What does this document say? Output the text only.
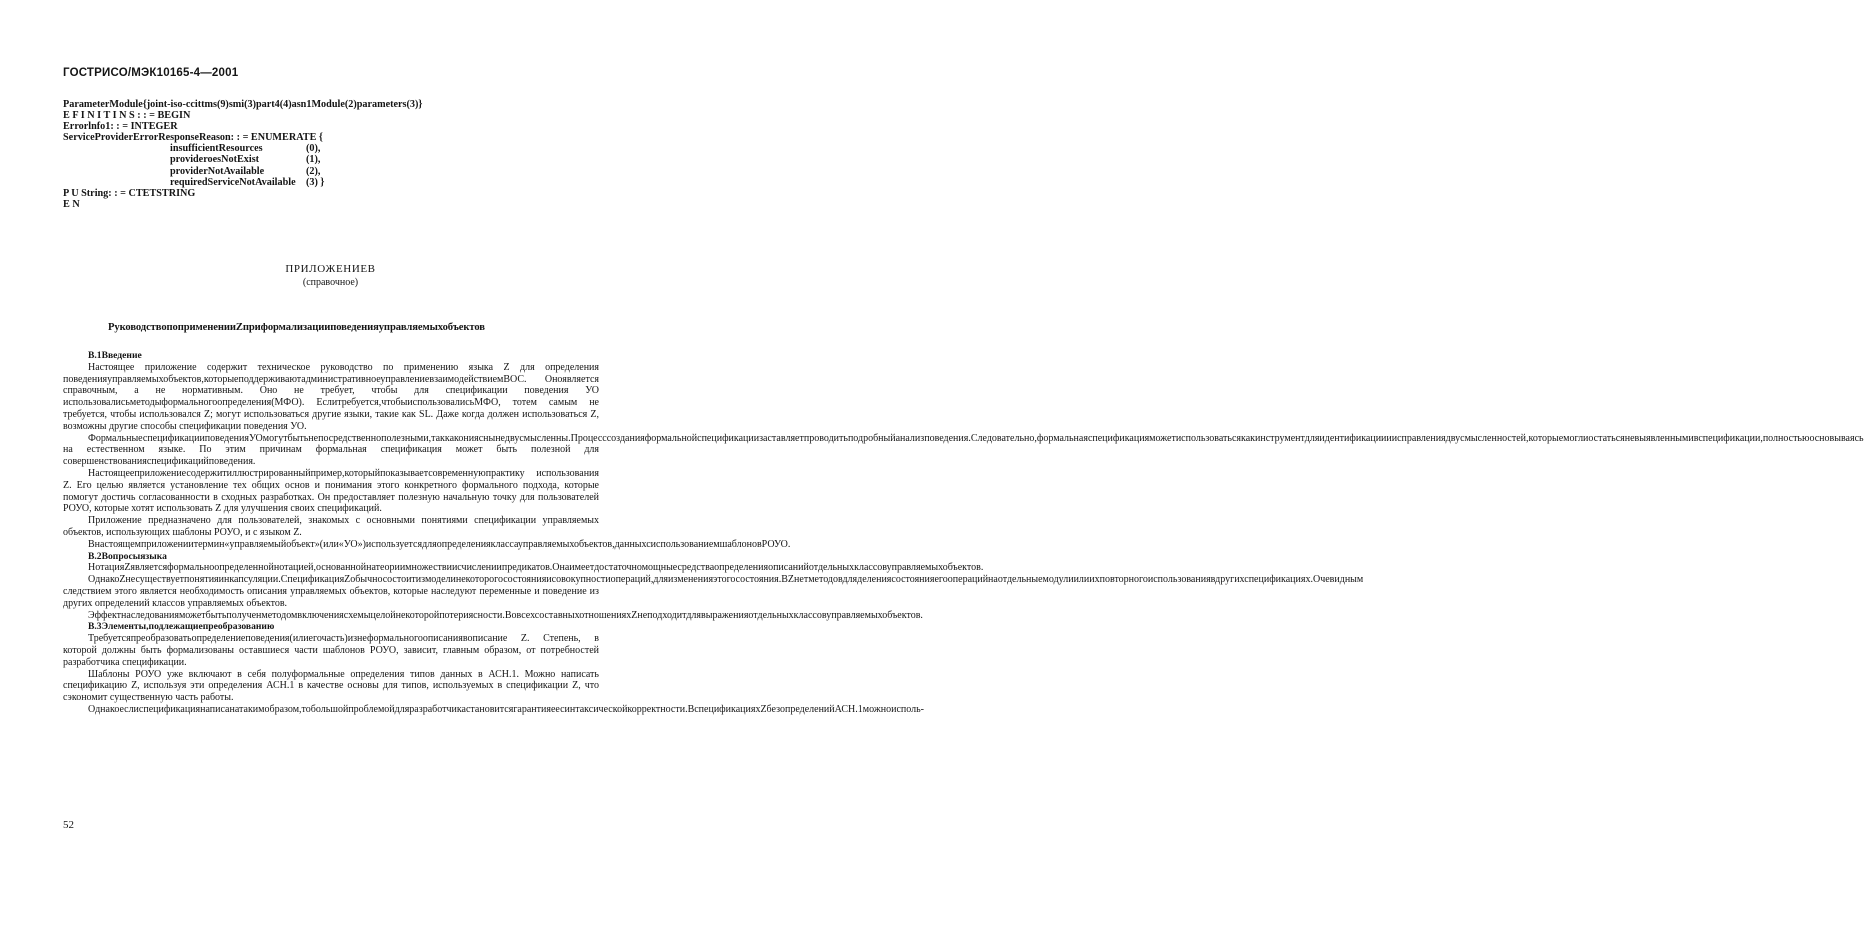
ГОСТРИСО/МЭК10165-4—2001
ParameterModule{joint-iso-ccittms(9)smi(3)part4(4)asn1Module(2)parameters(3)}
E F I N I T I N S : : = BEGIN
Errorlnfo1: : = INTEGER
ServiceProviderErrorResponseReason: : = ENUMERATE {
insufficientResources	(0),
provideroesNotExist	(1),
providerNotAvailable	(2),
requiredServiceNotAvailable (3) }
P U String: : = CTETSTRING
E N
ПРИЛОЖЕНИЕВ
(справочное)
РуководствопопримененииZприформализацииповеденияуправляемыхобъектов
В.1Введение

Настоящее приложение содержит техническое руководство по применению языка Z для определения поведенияуправляемыхобъектов,которыеподдерживаютадминистративноеуправлениевзаимодействиемВОС. Оноявляется справочным, а не нормативным. Оно не требует, чтобы для спецификации поведения УО использовалисьметодыформальногоопределения(МФО). Еслитребуется,чтобыиспользовалисьМФО, тотем самым не требуется, чтобы использовался Z; могут использоваться другие языки, такие как SL. Даже когда должен использоваться Z, возможны другие способы спецификации поведения УО.

ФормальныеспецификацииповеденияУОмогутбытьнепосредственнополезными,таккаконияснынедвусмысленны.Процесссозданияформальнойспецификациизаставляетпроводитьподробныйанализповедения.Следовательно,формальнаяспецификацияможетиспользоватьсякакинструментдляидентификациииисправлениядвусмысленностей,которыемоглиостатьсяневыявленнымивспецификации,полностьюосновываясь на естественном языке. По этим причинам формальная спецификация может быть полезной для совершенствованияспецификацийповедения.

Настоящееприложениесодержитиллюстрированныйпример,которыйпоказываетсовременнуюпрактику использования Z. Его целью является установление тех общих основ и понимания этого конкретного формального подхода, которые помогут достичь согласованности в сходных разработках. Он предоставляет полезную начальную точку для пользователей РОУО, которые хотят использовать Z для улучшения своих спецификаций.

Приложение предназначено для пользователей, знакомых с основными понятиями спецификации управляемых объектов, использующих шаблоны РОУО, и с языком Z.

Внастоящемприложениитермин«управляемыйобъект»(или«УО»)используетсядляопределенияклассауправляемыхобъектов,данныхсиспользованиемшаблоновРОУО.

В.2Вопросыязыка

НотацияZявляетсяформальноопределеннойнотацией,основаннойнатеориимножествиисчислениипредикатов.Онаимеетдостаточномощныесредстваопределенияописанийотдельныхклассовуправляемыхобъектов.

ОднакоZнесуществуетпонятияинкапсуляции.СпецификацияZобычносостоитизмоделинекоторогосостоянияисовокупностиопераций,дляизмененияэтогосостояния.BZнетметодовдляделениясостоянияегооперацийнаотдельныемодулиилиихповторногоиспользованиявдругихспецификациях.Очевидным следствием этого является необходимость описания управляемых объектов, которые наследуют переменные и поведение из других определений классов управляемых объектов.

Эффектнаследованияможетбытьполученметодомвключенияcхемыцелойнекоторойпотериясности.ВовсехсоставныхотношенияхZнеподходитдлявыраженияотдельныхклассовуправляемыхобъектов.

В.3Элементы,подлежащиепреобразованию

Требуетсяпреобразоватьопределениеповедения(илиегочасть)изнеформальногоописаниявописание Z. Степень, в которой должны быть формализованы оставшиеся части шаблонов РОУО, зависит, главным образом, от потребностей разработчика спецификации.

Шаблоны РОУО уже включают в себя полуформальные определения типов данных в АСН.1. Можно написать спецификацию Z, используя эти определения АСН.1 в качестве основы для типов, используемых в спецификации Z, что сэкономит существенную часть работы.

Однакоеслиспецификациянаписанатакимобразом,тобольшойпроблемойдляразработчикастановитсягарантияеесинтаксическойкорректности.ВспецификацияхZбезопределенийАСН.1можноисполь-

52
